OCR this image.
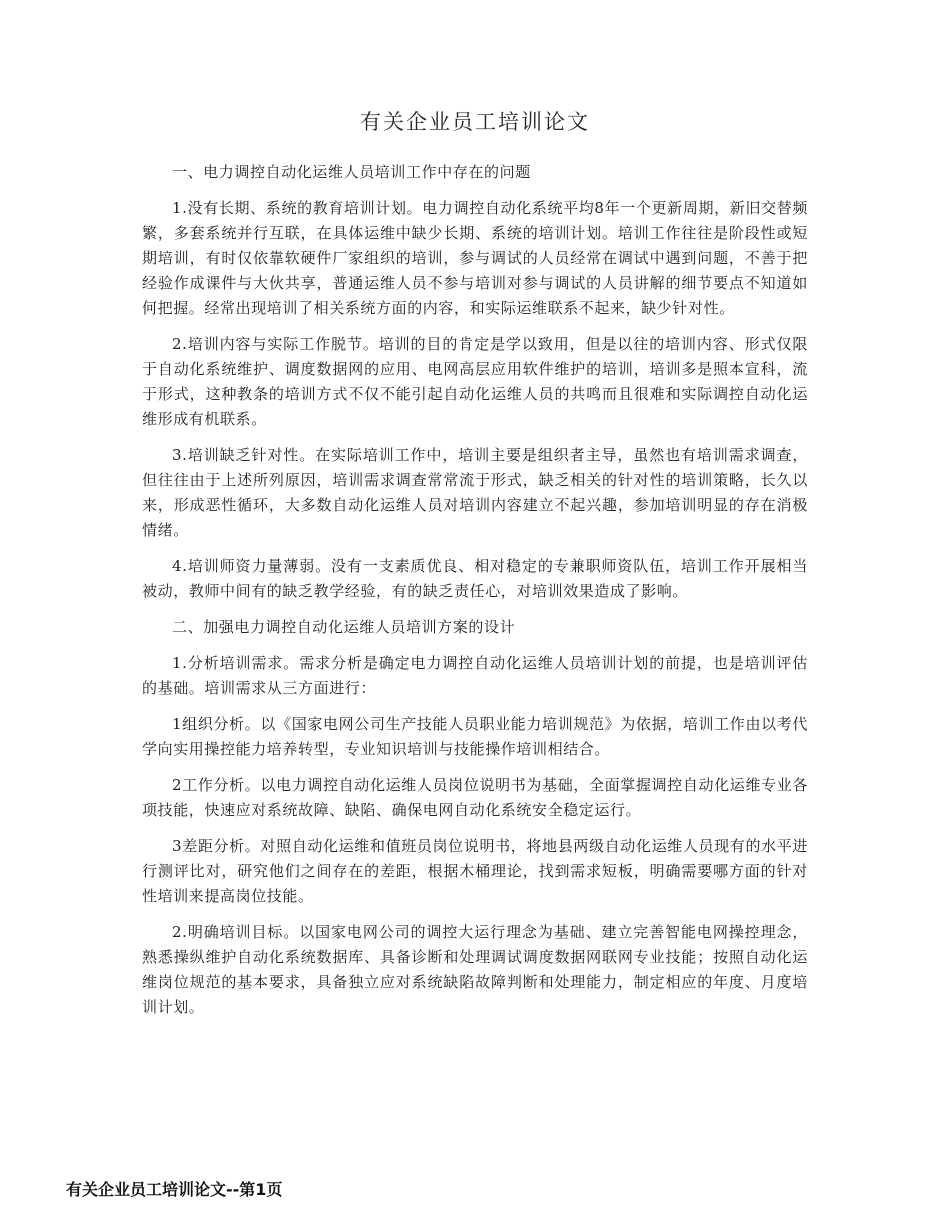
有关企业员工培训论文

一、电力调控自动化运维人员培训工作中存在的问题

1.没有长期、系统的教育培训计划。电力调控自动化系统平均8年一个更新周期，新旧交替频繁，多套系统并行互联，在具体运维中缺少长期、系统的培训计划。培训工作往往是阶段性或短期培训，有时仅依靠软硬件厂家组织的培训，参与调试的人员经常在调试中遇到问题，不善于把经验作成课件与大伙共享，普通运维人员不参与培训对参与调试的人员讲解的细节要点不知道如何把握。经常出现培训了相关系统方面的内容，和实际运维联系不起来，缺少针对性。

2.培训内容与实际工作脱节。培训的目的肯定是学以致用，但是以往的培训内容、形式仅限于自动化系统维护、调度数据网的应用、电网高层应用软件维护的培训，培训多是照本宣科，流于形式，这种教条的培训方式不仅不能引起自动化运维人员的共鸣而且很难和实际调控自动化运维形成有机联系。

3.培训缺乏针对性。在实际培训工作中，培训主要是组织者主导，虽然也有培训需求调查，但往往由于上述所列原因，培训需求调查常常流于形式，缺乏相关的针对性的培训策略，长久以来，形成恶性循环，大多数自动化运维人员对培训内容建立不起兴趣，参加培训明显的存在消极情绪。

4.培训师资力量薄弱。没有一支素质优良、相对稳定的专兼职师资队伍，培训工作开展相当被动，教师中间有的缺乏教学经验，有的缺乏责任心，对培训效果造成了影响。

二、加强电力调控自动化运维人员培训方案的设计

1.分析培训需求。需求分析是确定电力调控自动化运维人员培训计划的前提，也是培训评估的基础。培训需求从三方面进行：

1组织分析。以《国家电网公司生产技能人员职业能力培训规范》为依据，培训工作由以考代学向实用操控能力培养转型，专业知识培训与技能操作培训相结合。

2工作分析。以电力调控自动化运维人员岗位说明书为基础，全面掌握调控自动化运维专业各项技能，快速应对系统故障、缺陷、确保电网自动化系统安全稳定运行。

3差距分析。对照自动化运维和值班员岗位说明书，将地县两级自动化运维人员现有的水平进行测评比对，研究他们之间存在的差距，根据木桶理论，找到需求短板，明确需要哪方面的针对性培训来提高岗位技能。

2.明确培训目标。以国家电网公司的调控大运行理念为基础、建立完善智能电网操控理念，熟悉操纵维护自动化系统数据库、具备诊断和处理调试调度数据网联网专业技能；按照自动化运维岗位规范的基本要求，具备独立应对系统缺陷故障判断和处理能力，制定相应的年度、月度培训计划。

有关企业员工培训论文--第1页
